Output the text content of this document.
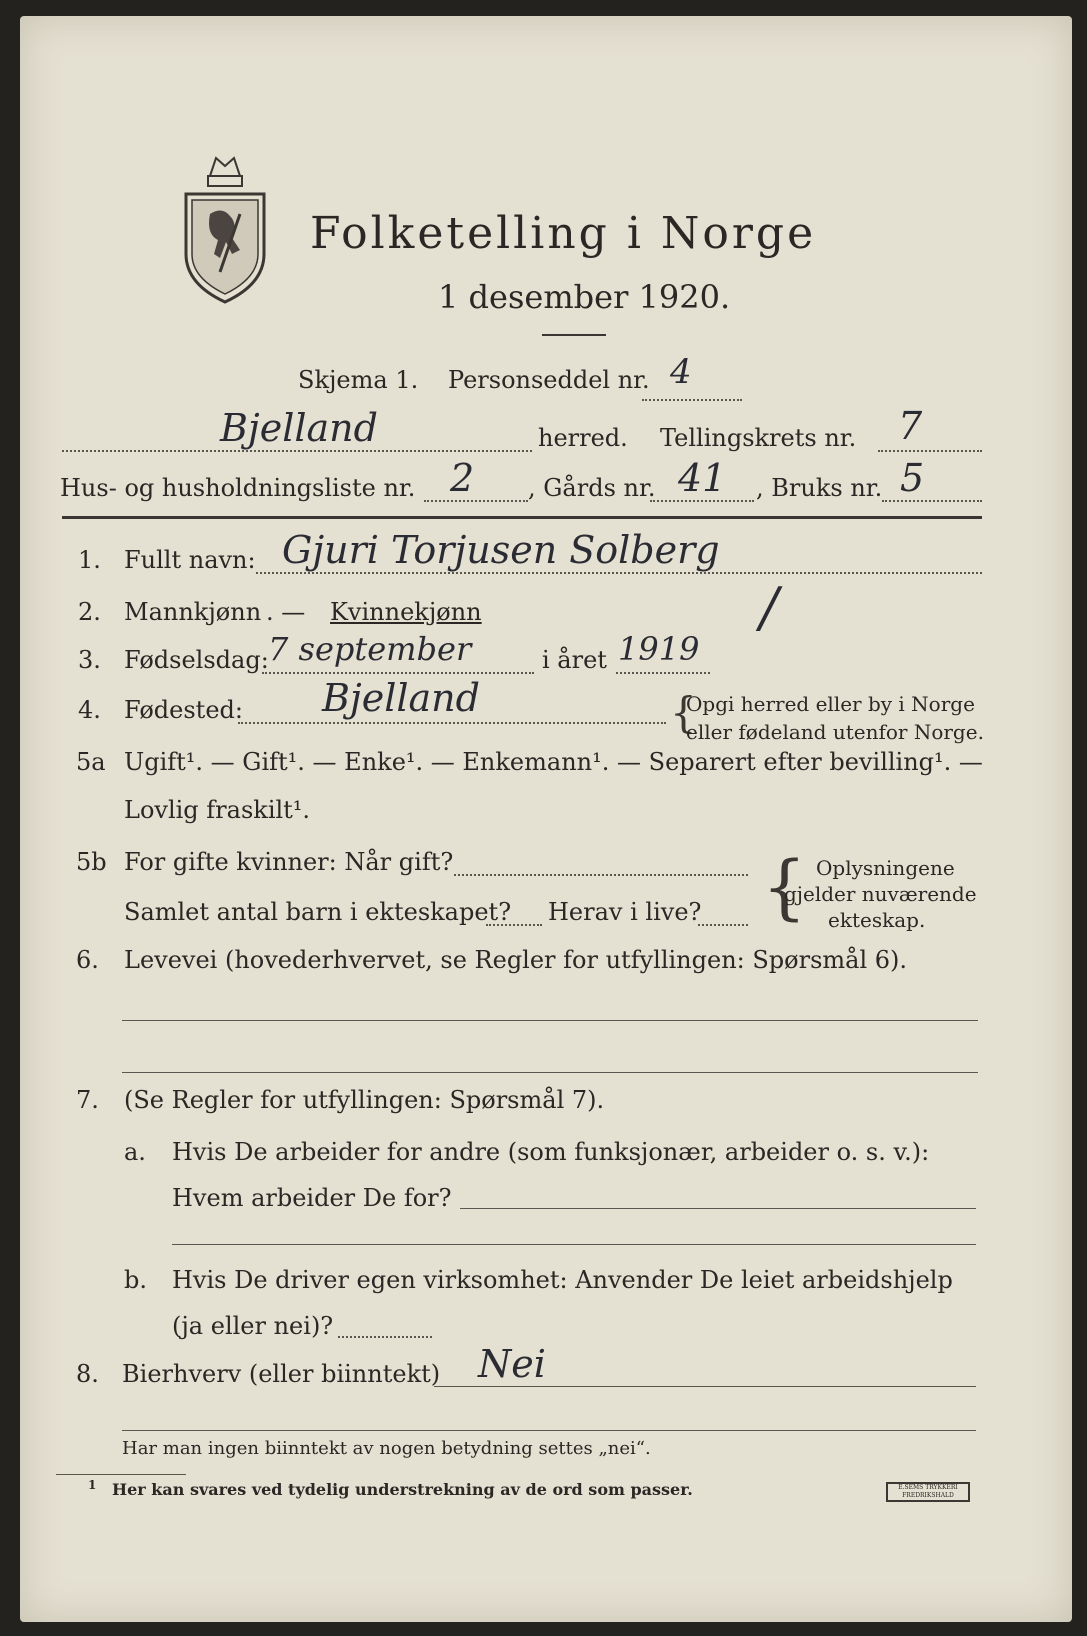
Folketelling i Norge
1 desember 1920.
Skjema 1. Personseddel nr. 4
Bjelland	herred. Tellingskrets nr. 7
Hus- og husholdningsliste nr. 2 , Gårds nr. 41 , Bruks nr. 5
1. Fullt navn: Gjuri Torjusen Solberg
2. Mannkjønn . — Kvinnekjønn	/
3. Fødselsdag: 7 september	i året 1919
4. Fødested: Bjelland	{
Opgi herred eller by i Norge
eller fødeland utenfor Norge.
5a Ugift¹. — Gift¹. — Enke¹. — Enkemann¹. — Separert efter bevilling¹. —
Lovlig fraskilt¹.
5b For gifte kvinner: Når gift?
Samlet antal barn i ekteskapet? Herav i live? { Oplysningene
gjelder nuværende
ekteskap.
6. Levevei (hovederhvervet, se Regler for utfyllingen: Spørsmål 6).
7. (Se Regler for utfyllingen: Spørsmål 7).
a. Hvis De arbeider for andre (som funksjonær, arbeider o. s. v.):
Hvem arbeider De for?
b. Hvis De driver egen virksomhet: Anvender De leiet arbeidshjelp
(ja eller nei)?
8. Bierhverv (eller biinntekt) Nei
Har man ingen biinntekt av nogen betydning settes „nei“.
1 Her kan svares ved tydelig understrekning av de ord som passer.	E.SEMS TRYKKERI FREDRIKSHALD
